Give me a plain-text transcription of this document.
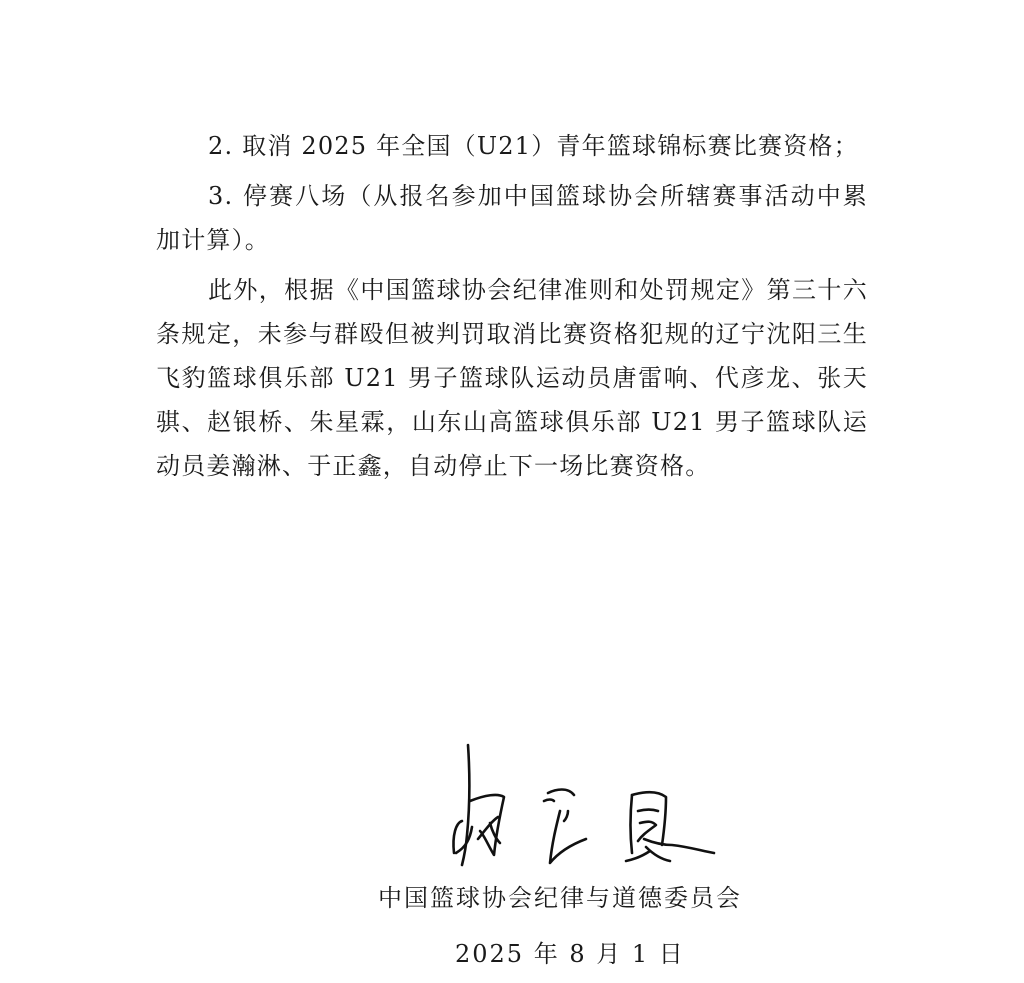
2. 取消 2025 年全国（U21）青年篮球锦标赛比赛资格；

3. 停赛八场（从报名参加中国篮球协会所辖赛事活动中累加计算）。

此外，根据《中国篮球协会纪律准则和处罚规定》第三十六条规定，未参与群殴但被判罚取消比赛资格犯规的辽宁沈阳三生飞豹篮球俱乐部 U21 男子篮球队运动员唐雷响、代彦龙、张天骐、赵银桥、朱星霖，山东山高篮球俱乐部 U21 男子篮球队运动员姜瀚淋、于正鑫，自动停止下一场比赛资格。

中国篮球协会纪律与道德委员会
2025 年 8 月 1 日
